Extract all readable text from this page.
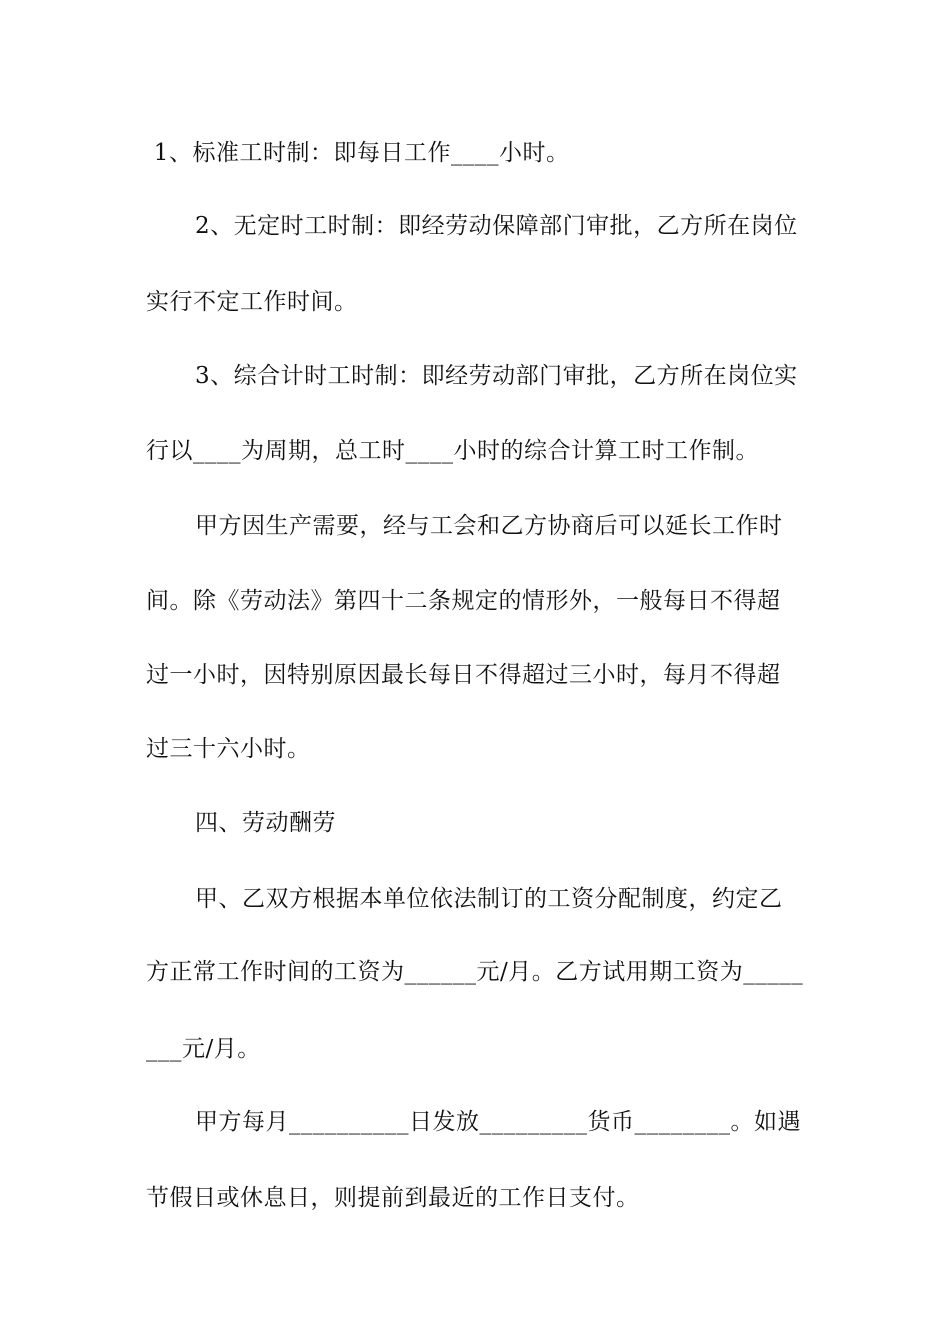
1、标准工时制：即每日工作____小时。
2、无定时工时制：即经劳动保障部门审批，乙方所在岗位
实行不定工作时间。
3、综合计时工时制：即经劳动部门审批，乙方所在岗位实
行以____为周期，总工时____小时的综合计算工时工作制。
甲方因生产需要，经与工会和乙方协商后可以延长工作时
间。除《劳动法》第四十二条规定的情形外，一般每日不得超
过一小时，因特别原因最长每日不得超过三小时，每月不得超
过三十六小时。
四、劳动酬劳
甲、乙双方根据本单位依法制订的工资分配制度，约定乙
方正常工作时间的工资为______元/月。乙方试用期工资为_____
___元/月。
甲方每月__________日发放_________货币________。如遇
节假日或休息日，则提前到最近的工作日支付。
